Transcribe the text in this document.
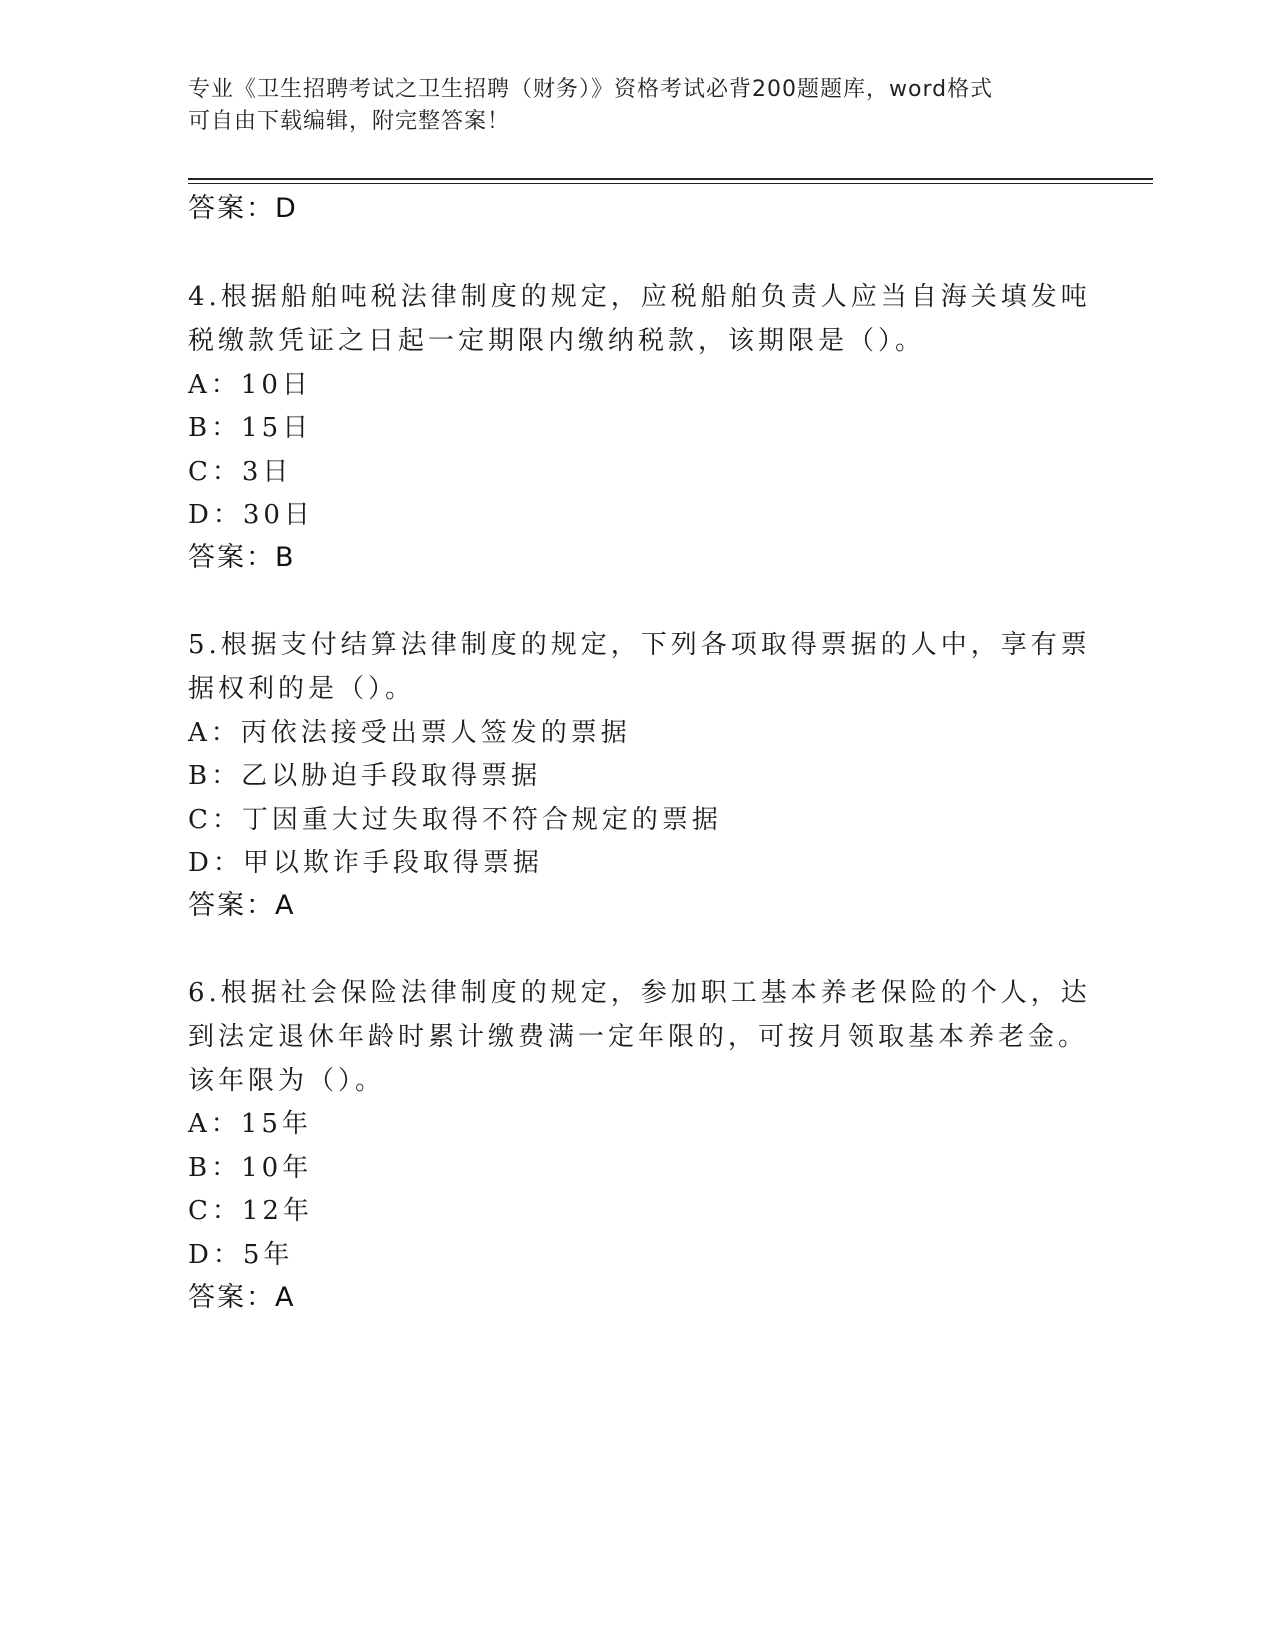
专业《卫生招聘考试之卫生招聘（财务）》资格考试必背200题题库，word格式
可自由下载编辑，附完整答案！
答案：D
4.根据船舶吨税法律制度的规定，应税船舶负责人应当自海关填发吨
税缴款凭证之日起一定期限内缴纳税款，该期限是（）。
A：10日
B：15日
C：3日
D：30日
答案：B
5.根据支付结算法律制度的规定，下列各项取得票据的人中，享有票
据权利的是（）。
A：丙依法接受出票人签发的票据
B：乙以胁迫手段取得票据
C：丁因重大过失取得不符合规定的票据
D：甲以欺诈手段取得票据
答案：A
6.根据社会保险法律制度的规定，参加职工基本养老保险的个人，达
到法定退休年龄时累计缴费满一定年限的，可按月领取基本养老金。
该年限为（）。
A：15年
B：10年
C：12年
D：5年
答案：A
